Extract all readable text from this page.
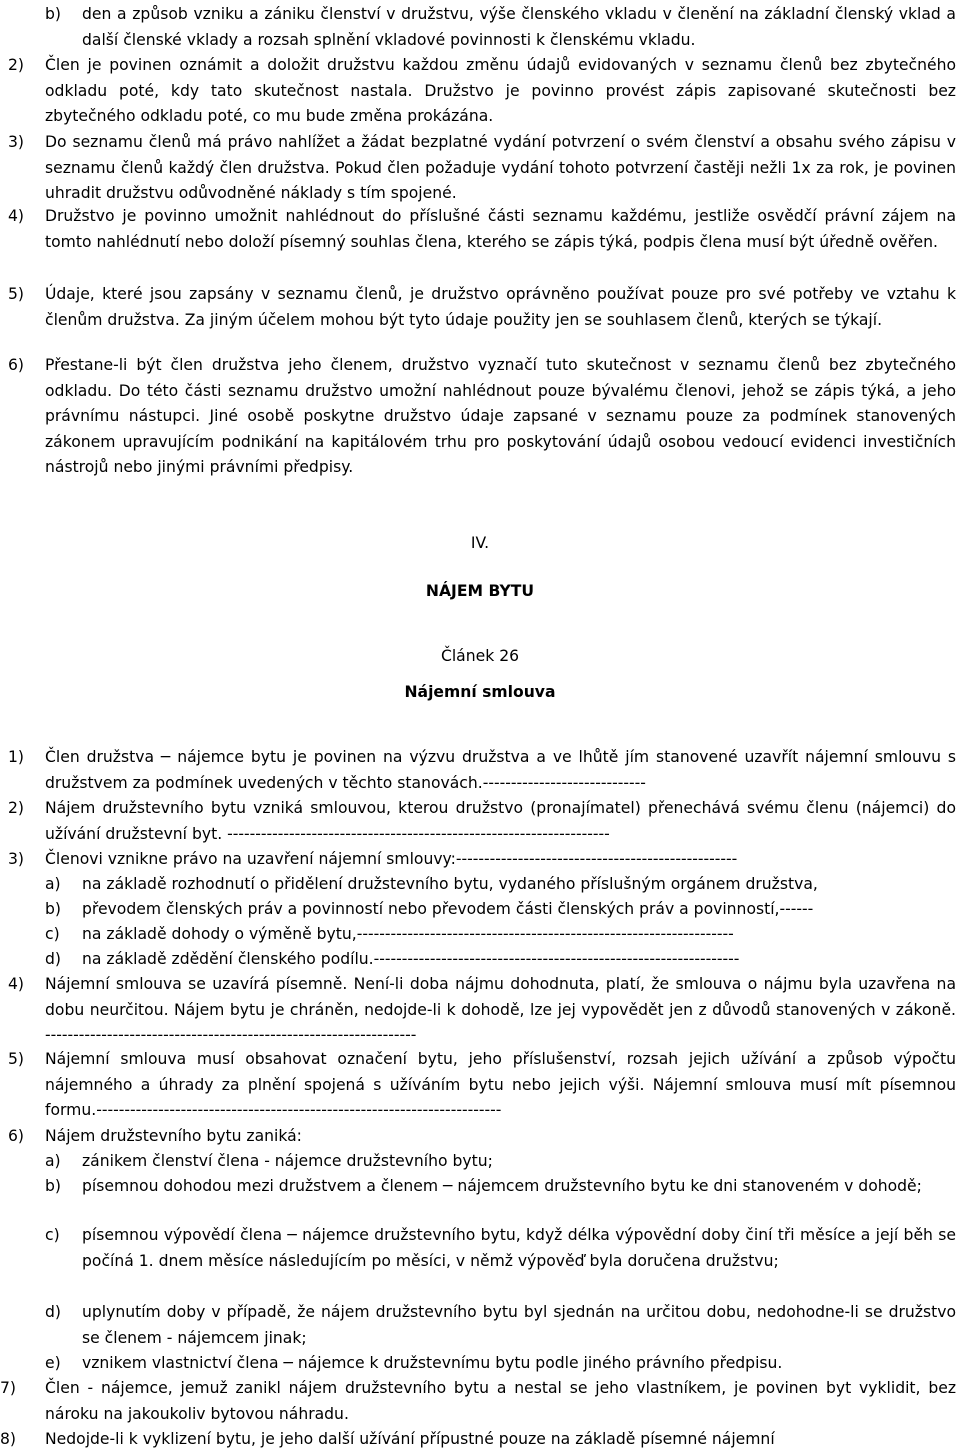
b) den a způsob vzniku a zániku členství v družstvu, výše členského vkladu v členění na základní členský vklad a další členské vklady a rozsah splnění vkladové povinnosti k členskému vkladu.
2) Člen je povinen oznámit a doložit družstvu každou změnu údajů evidovaných v seznamu členů bez zbytečného odkladu poté, kdy tato skutečnost nastala. Družstvo je povinno provést zápis zapisované skutečnosti bez zbytečného odkladu poté, co mu bude změna prokázána.
3) Do seznamu členů má právo nahlížet a žádat bezplatné vydání potvrzení o svém členství a obsahu svého zápisu v seznamu členů každý člen družstva. Pokud člen požaduje vydání tohoto potvrzení častěji nežli 1x za rok, je povinen uhradit družstvu odůvodněné náklady s tím spojené.
4) Družstvo je povinno umožnit nahlédnout do příslušné části seznamu každému, jestliže osvědčí právní zájem na tomto nahlédnutí nebo doloží písemný souhlas člena, kterého se zápis týká, podpis člena musí být úředně ověřen.
5) Údaje, které jsou zapsány v seznamu členů, je družstvo oprávněno používat pouze pro své potřeby ve vztahu k členům družstva. Za jiným účelem mohou být tyto údaje použity jen se souhlasem členů, kterých se týkají.
6) Přestane-li být člen družstva jeho členem, družstvo vyznačí tuto skutečnost v seznamu členů bez zbytečného odkladu. Do této části seznamu družstvo umožní nahlédnout pouze bývalému členovi, jehož se zápis týká, a jeho právnímu nástupci. Jiné osobě poskytne družstvo údaje zapsané v seznamu pouze za podmínek stanovených zákonem upravujícím podnikání na kapitálovém trhu pro poskytování údajů osobou vedoucí evidenci investičních nástrojů nebo jinými právními předpisy.
IV.
NÁJEM BYTU
Článek 26
Nájemní smlouva
1) Člen družstva ─ nájemce bytu je povinen na výzvu družstva a ve lhůtě jím stanovené uzavřít nájemní smlouvu s družstvem za podmínek uvedených v těchto stanovách.-----------------------------
2) Nájem družstevního bytu vzniká smlouvou, kterou družstvo (pronajímatel) přenechává svému členu (nájemci) do užívání družstevní byt. --------------------------------------------------------------------
3) Členovi vznikne právo na uzavření nájemní smlouvy:--------------------------------------------------
a) na základě rozhodnutí o přidělení družstevního bytu, vydaného příslušným orgánem družstva,
b) převodem členských práv a povinností nebo převodem části členských práv a povinností,------
c) na základě dohody o výměně bytu,-------------------------------------------------------------------
d) na základě zdědění členského podílu.-----------------------------------------------------------------
4) Nájemní smlouva se uzavírá písemně. Není-li doba nájmu dohodnuta, platí, že smlouva o nájmu byla uzavřena na dobu neurčitou. Nájem bytu je chráněn, nedojde-li k dohodě, lze jej vypovědět jen z důvodů stanovených v zákoně. ------------------------------------------------------------------
5) Nájemní smlouva musí obsahovat označení bytu, jeho příslušenství, rozsah jejich užívání a způsob výpočtu nájemného a úhrady za plnění spojená s užíváním bytu nebo jejich výši. Nájemní smlouva musí mít písemnou formu.------------------------------------------------------------------------
6) Nájem družstevního bytu zaniká:
a) zánikem členství člena - nájemce družstevního bytu;
b) písemnou dohodou mezi družstvem a členem ─ nájemcem družstevního bytu ke dni stanoveném v dohodě;
c) písemnou výpovědí člena ─ nájemce družstevního bytu, když délka výpovědní doby činí tři měsíce a její běh se počíná 1. dnem měsíce následujícím po měsíci, v němž výpověď byla doručena družstvu;
d) uplynutím doby v případě, že nájem družstevního bytu byl sjednán na určitou dobu, nedohodne-li se družstvo se členem - nájemcem jinak;
e) vznikem vlastnictví člena ─ nájemce k družstevnímu bytu podle jiného právního předpisu.
7) Člen - nájemce, jemuž zanikl nájem družstevního bytu a nestal se jeho vlastníkem, je povinen byt vyklidit, bez nároku na jakoukoliv bytovou náhradu.
8) Nedojde-li k vyklizení bytu, je jeho další užívání přípustné pouze na základě písemné nájemní
